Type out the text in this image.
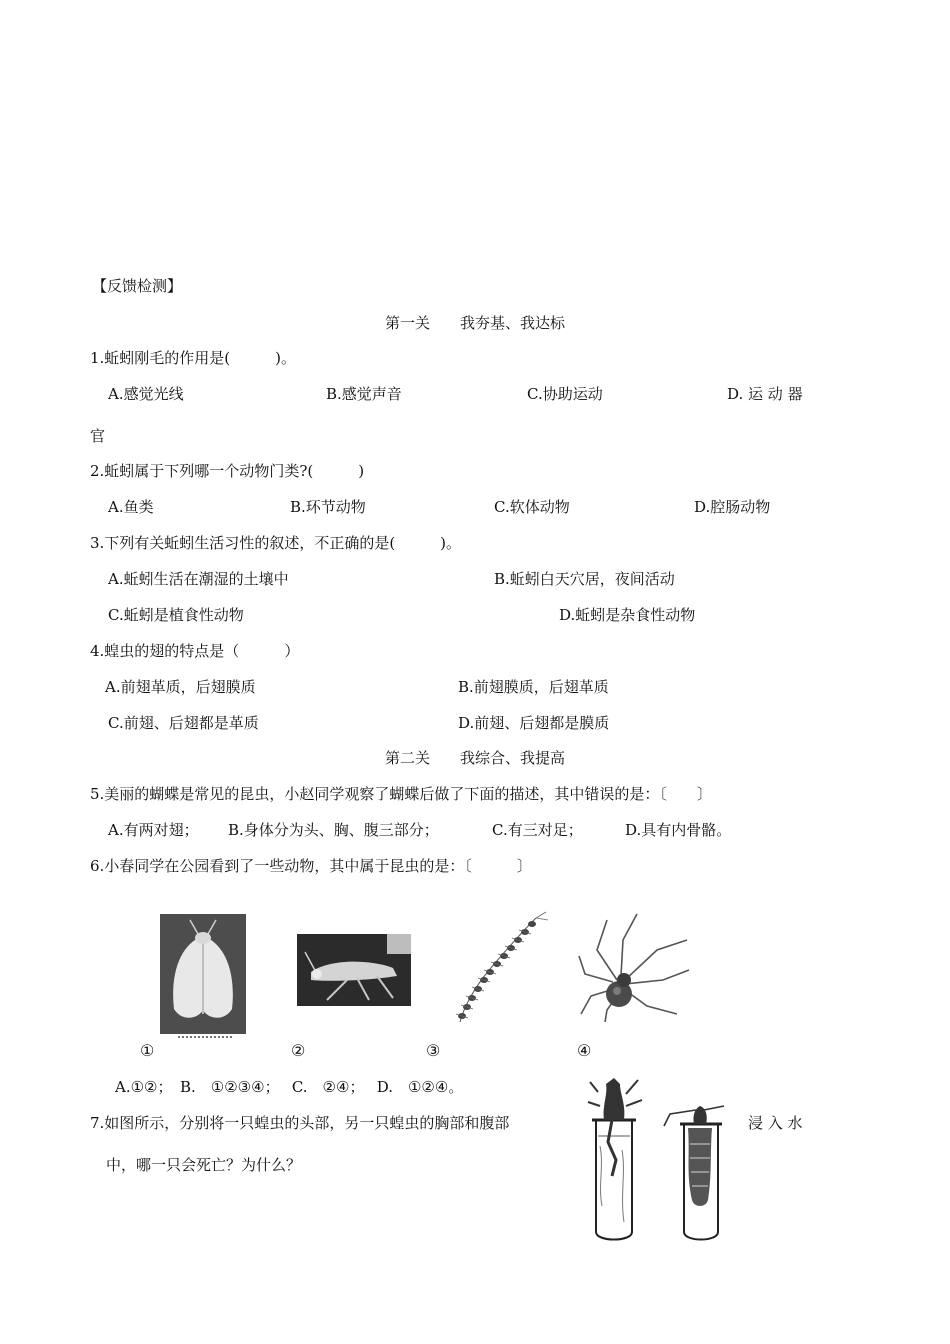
【反馈检测】
第一关　　我夯基、我达标
1.蚯蚓刚毛的作用是(　　　)。
A.感觉光线	B.感觉声音	C.协助运动	D. 运 动 器
官
2.蚯蚓属于下列哪一个动物门类?(　　　)
A.鱼类	B.环节动物	C.软体动物	D.腔肠动物
3.下列有关蚯蚓生活习性的叙述，不正确的是(　　　)。
A.蚯蚓生活在潮湿的土壤中	B.蚯蚓白天穴居，夜间活动
C.蚯蚓是植食性动物	D.蚯蚓是杂食性动物
4.蝗虫的翅的特点是（　　　）
A.前翅革质，后翅膜质	B.前翅膜质，后翅革质
C.前翅、后翅都是革质	D.前翅、后翅都是膜质
第二关　　我综合、我提高
5.美丽的蝴蝶是常见的昆虫，小赵同学观察了蝴蝶后做了下面的描述，其中错误的是：〔　　〕
A.有两对翅； B.身体分为头、胸、腹三部分；	C.有三对足；	D.具有内骨骼。
6.小春同学在公园看到了一些动物，其中属于昆虫的是：〔　　　〕
①	②	③	④
A.①②；　B.　①②③④；　 C.　②④；　 D.　①②④。
7.如图所示，分别将一只蝗虫的头部，另一只蝗虫的胸部和腹部	浸 入 水
中，哪一只会死亡？为什么？
